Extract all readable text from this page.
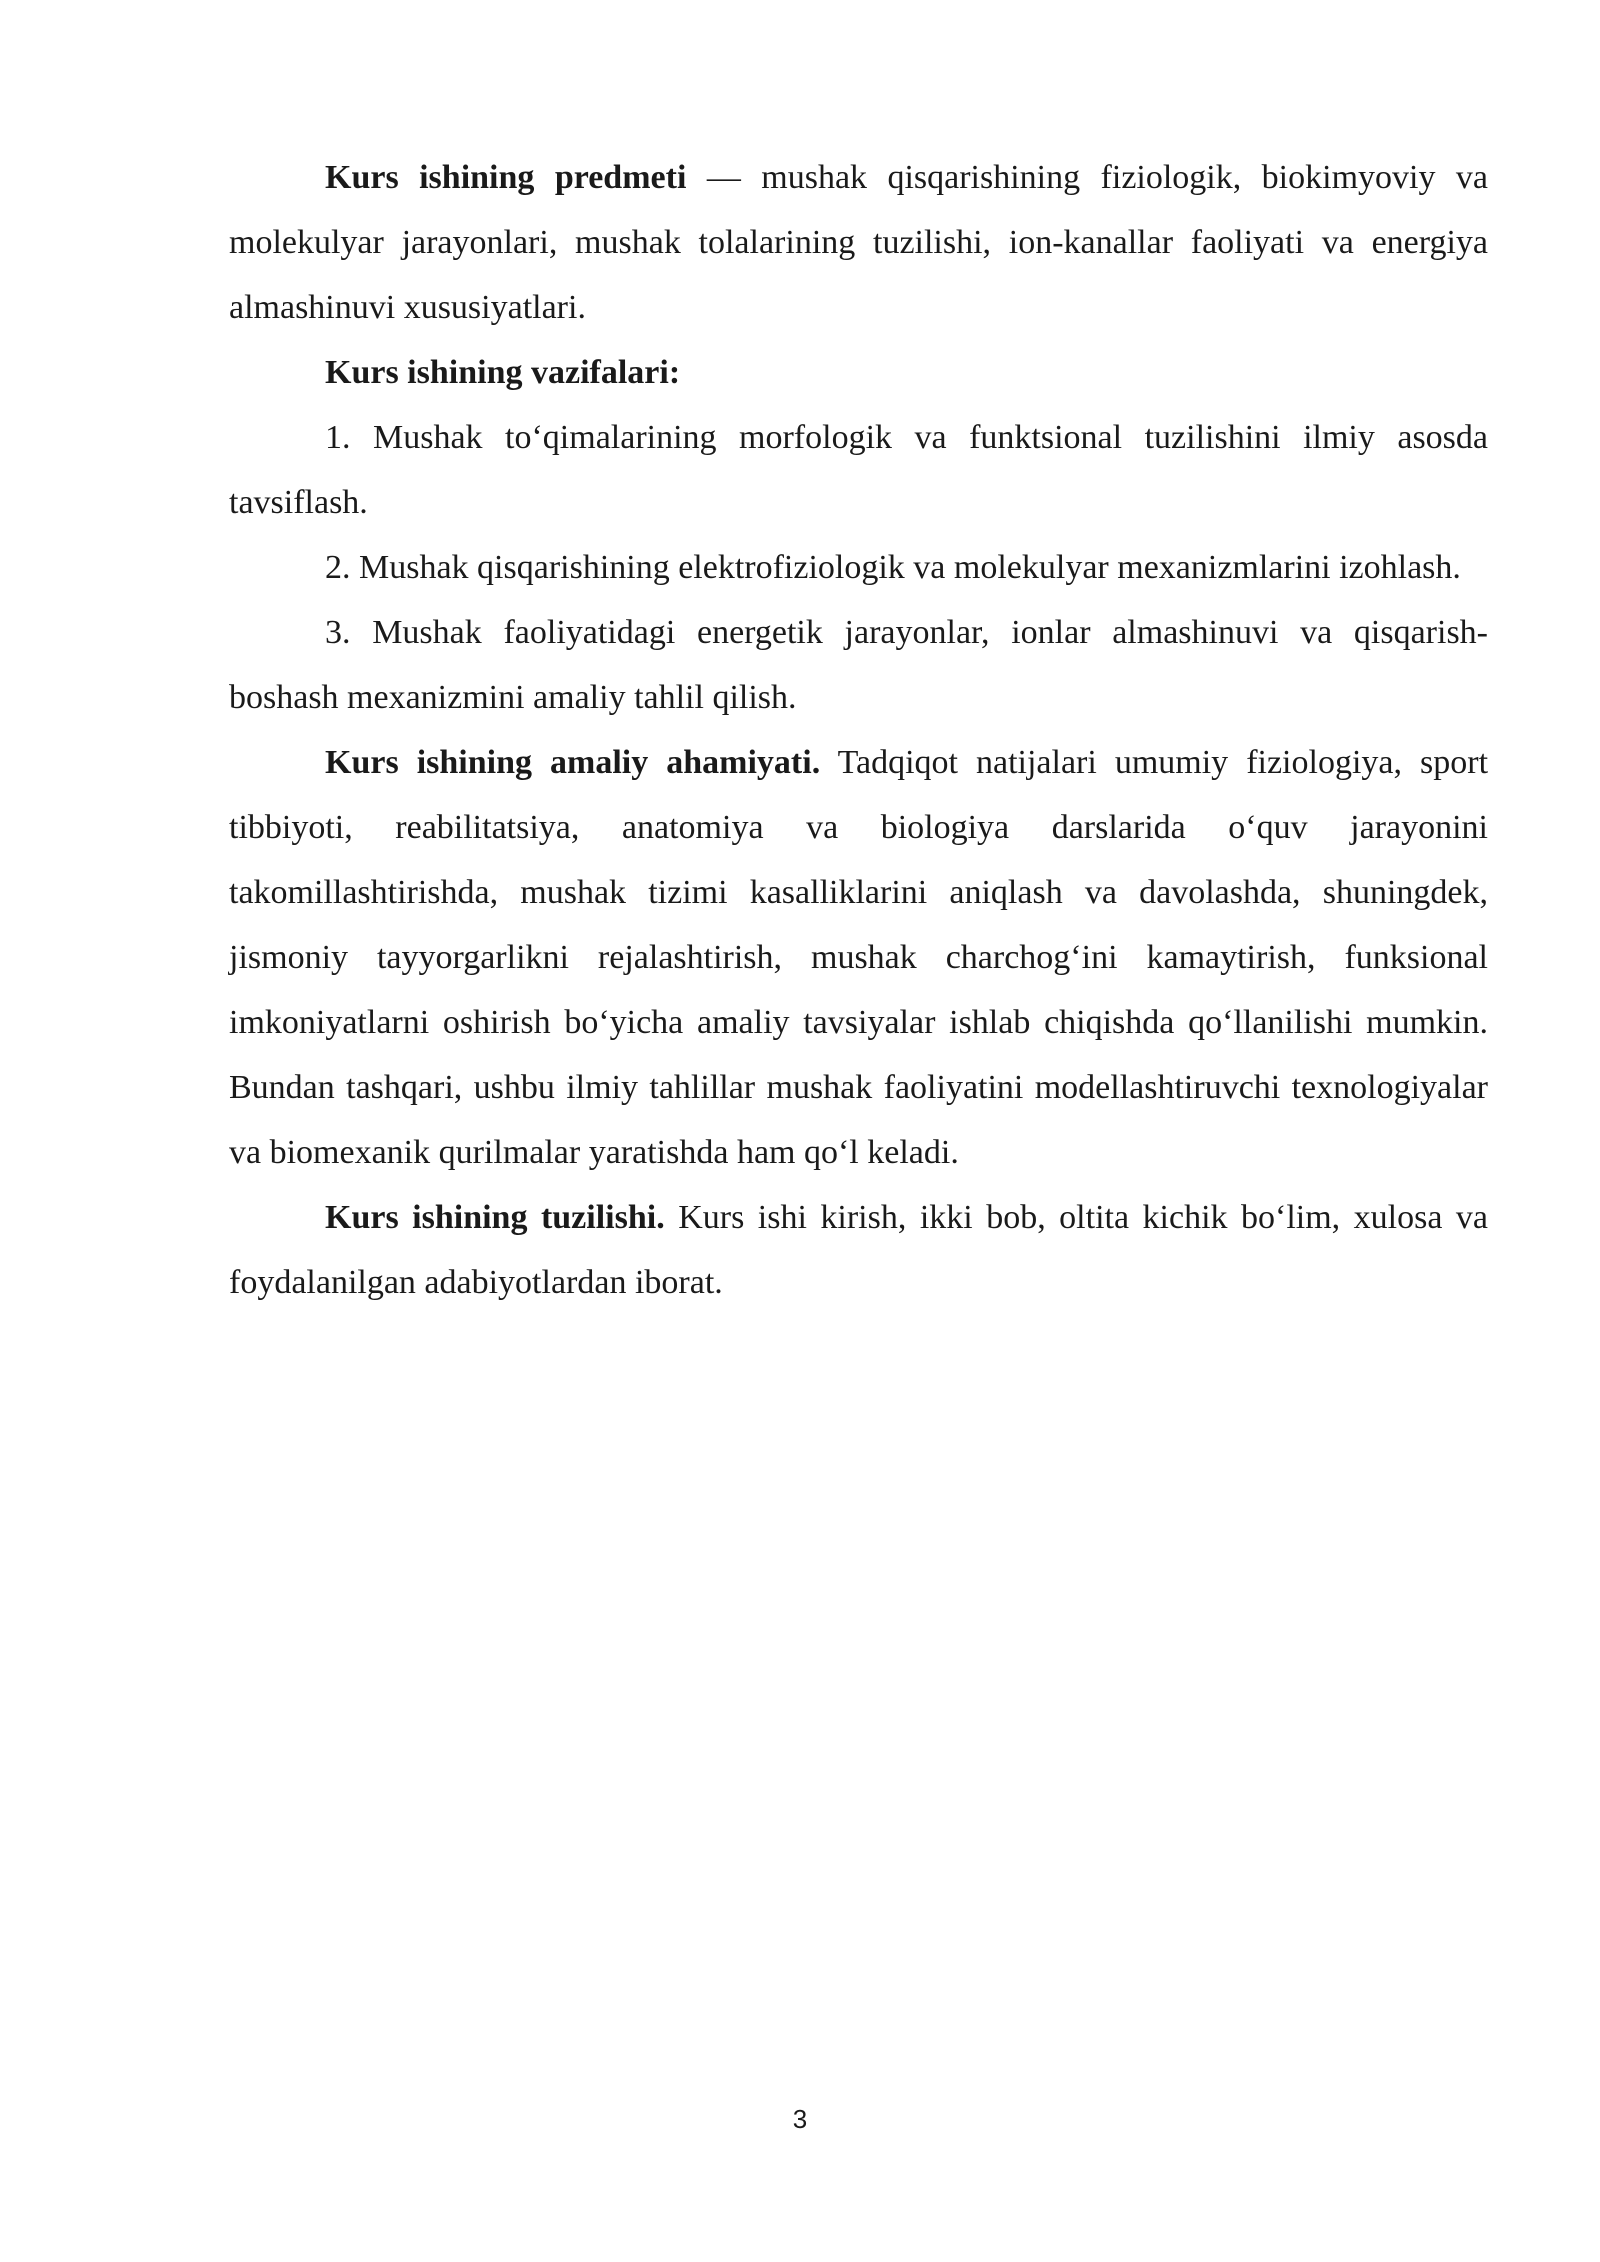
Kurs ishining predmeti — mushak qisqarishining fiziologik, biokimyoviy va molekulyar jarayonlari, mushak tolalarining tuzilishi, ion-kanallar faoliyati va energiya almashinuvi xususiyatlari.

Kurs ishining vazifalari:

1. Mushak to‘qimalarining morfologik va funktsional tuzilishini ilmiy asosda tavsiflash.

2. Mushak qisqarishining elektrofiziologik va molekulyar mexanizmlarini izohlash.

3. Mushak faoliyatidagi energetik jarayonlar, ionlar almashinuvi va qisqarish-boshash mexanizmini amaliy tahlil qilish.

Kurs ishining amaliy ahamiyati. Tadqiqot natijalari umumiy fiziologiya, sport tibbiyoti, reabilitatsiya, anatomiya va biologiya darslarida o‘quv jarayonini takomillashtirishda, mushak tizimi kasalliklarini aniqlash va davolashda, shuningdek, jismoniy tayyorgarlikni rejalashtirish, mushak charchog‘ini kamaytirish, funksional imkoniyatlarni oshirish bo‘yicha amaliy tavsiyalar ishlab chiqishda qo‘llanilishi mumkin. Bundan tashqari, ushbu ilmiy tahlillar mushak faoliyatini modellashtiruvchi texnologiyalar va biomexanik qurilmalar yaratishda ham qo‘l keladi.

Kurs ishining tuzilishi. Kurs ishi kirish, ikki bob, oltita kichik bo‘lim, xulosa va foydalanilgan adabiyotlardan iborat.

3
